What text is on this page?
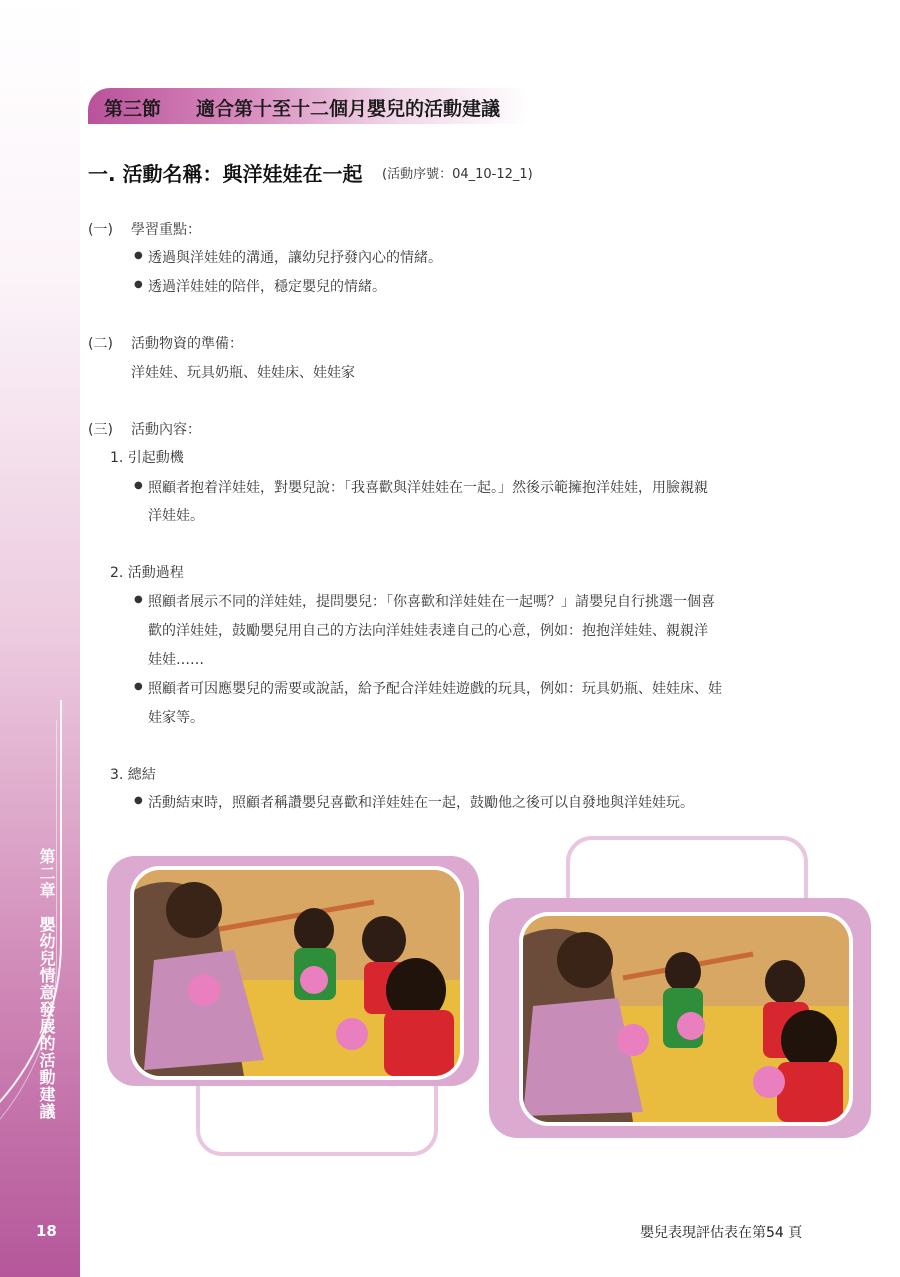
第二章　嬰幼兒情意發展的活動建議
18
第三節 適合第十至十二個月嬰兒的活動建議
一. 活動名稱：與洋娃娃在一起 (活動序號：04_10-12_1)
(一) 學習重點：
● 透過與洋娃娃的溝通，讓幼兒抒發內心的情緒。
● 透過洋娃娃的陪伴，穩定嬰兒的情緒。
(二) 活動物資的準備：
洋娃娃、玩具奶瓶、娃娃床、娃娃家
(三) 活動內容：
1. 引起動機
● 照顧者抱着洋娃娃，對嬰兒說：「我喜歡與洋娃娃在一起。」然後示範擁抱洋娃娃，用臉親親
洋娃娃。
2. 活動過程
● 照顧者展示不同的洋娃娃，提問嬰兒：「你喜歡和洋娃娃在一起嗎？」請嬰兒自行挑選一個喜
歡的洋娃娃，鼓勵嬰兒用自己的方法向洋娃娃表達自己的心意，例如：抱抱洋娃娃、親親洋
娃娃……
● 照顧者可因應嬰兒的需要或說話，給予配合洋娃娃遊戲的玩具，例如：玩具奶瓶、娃娃床、娃
娃家等。
3. 總結
● 活動結束時，照顧者稱讚嬰兒喜歡和洋娃娃在一起，鼓勵他之後可以自發地與洋娃娃玩。
嬰兒表現評估表在第54 頁
